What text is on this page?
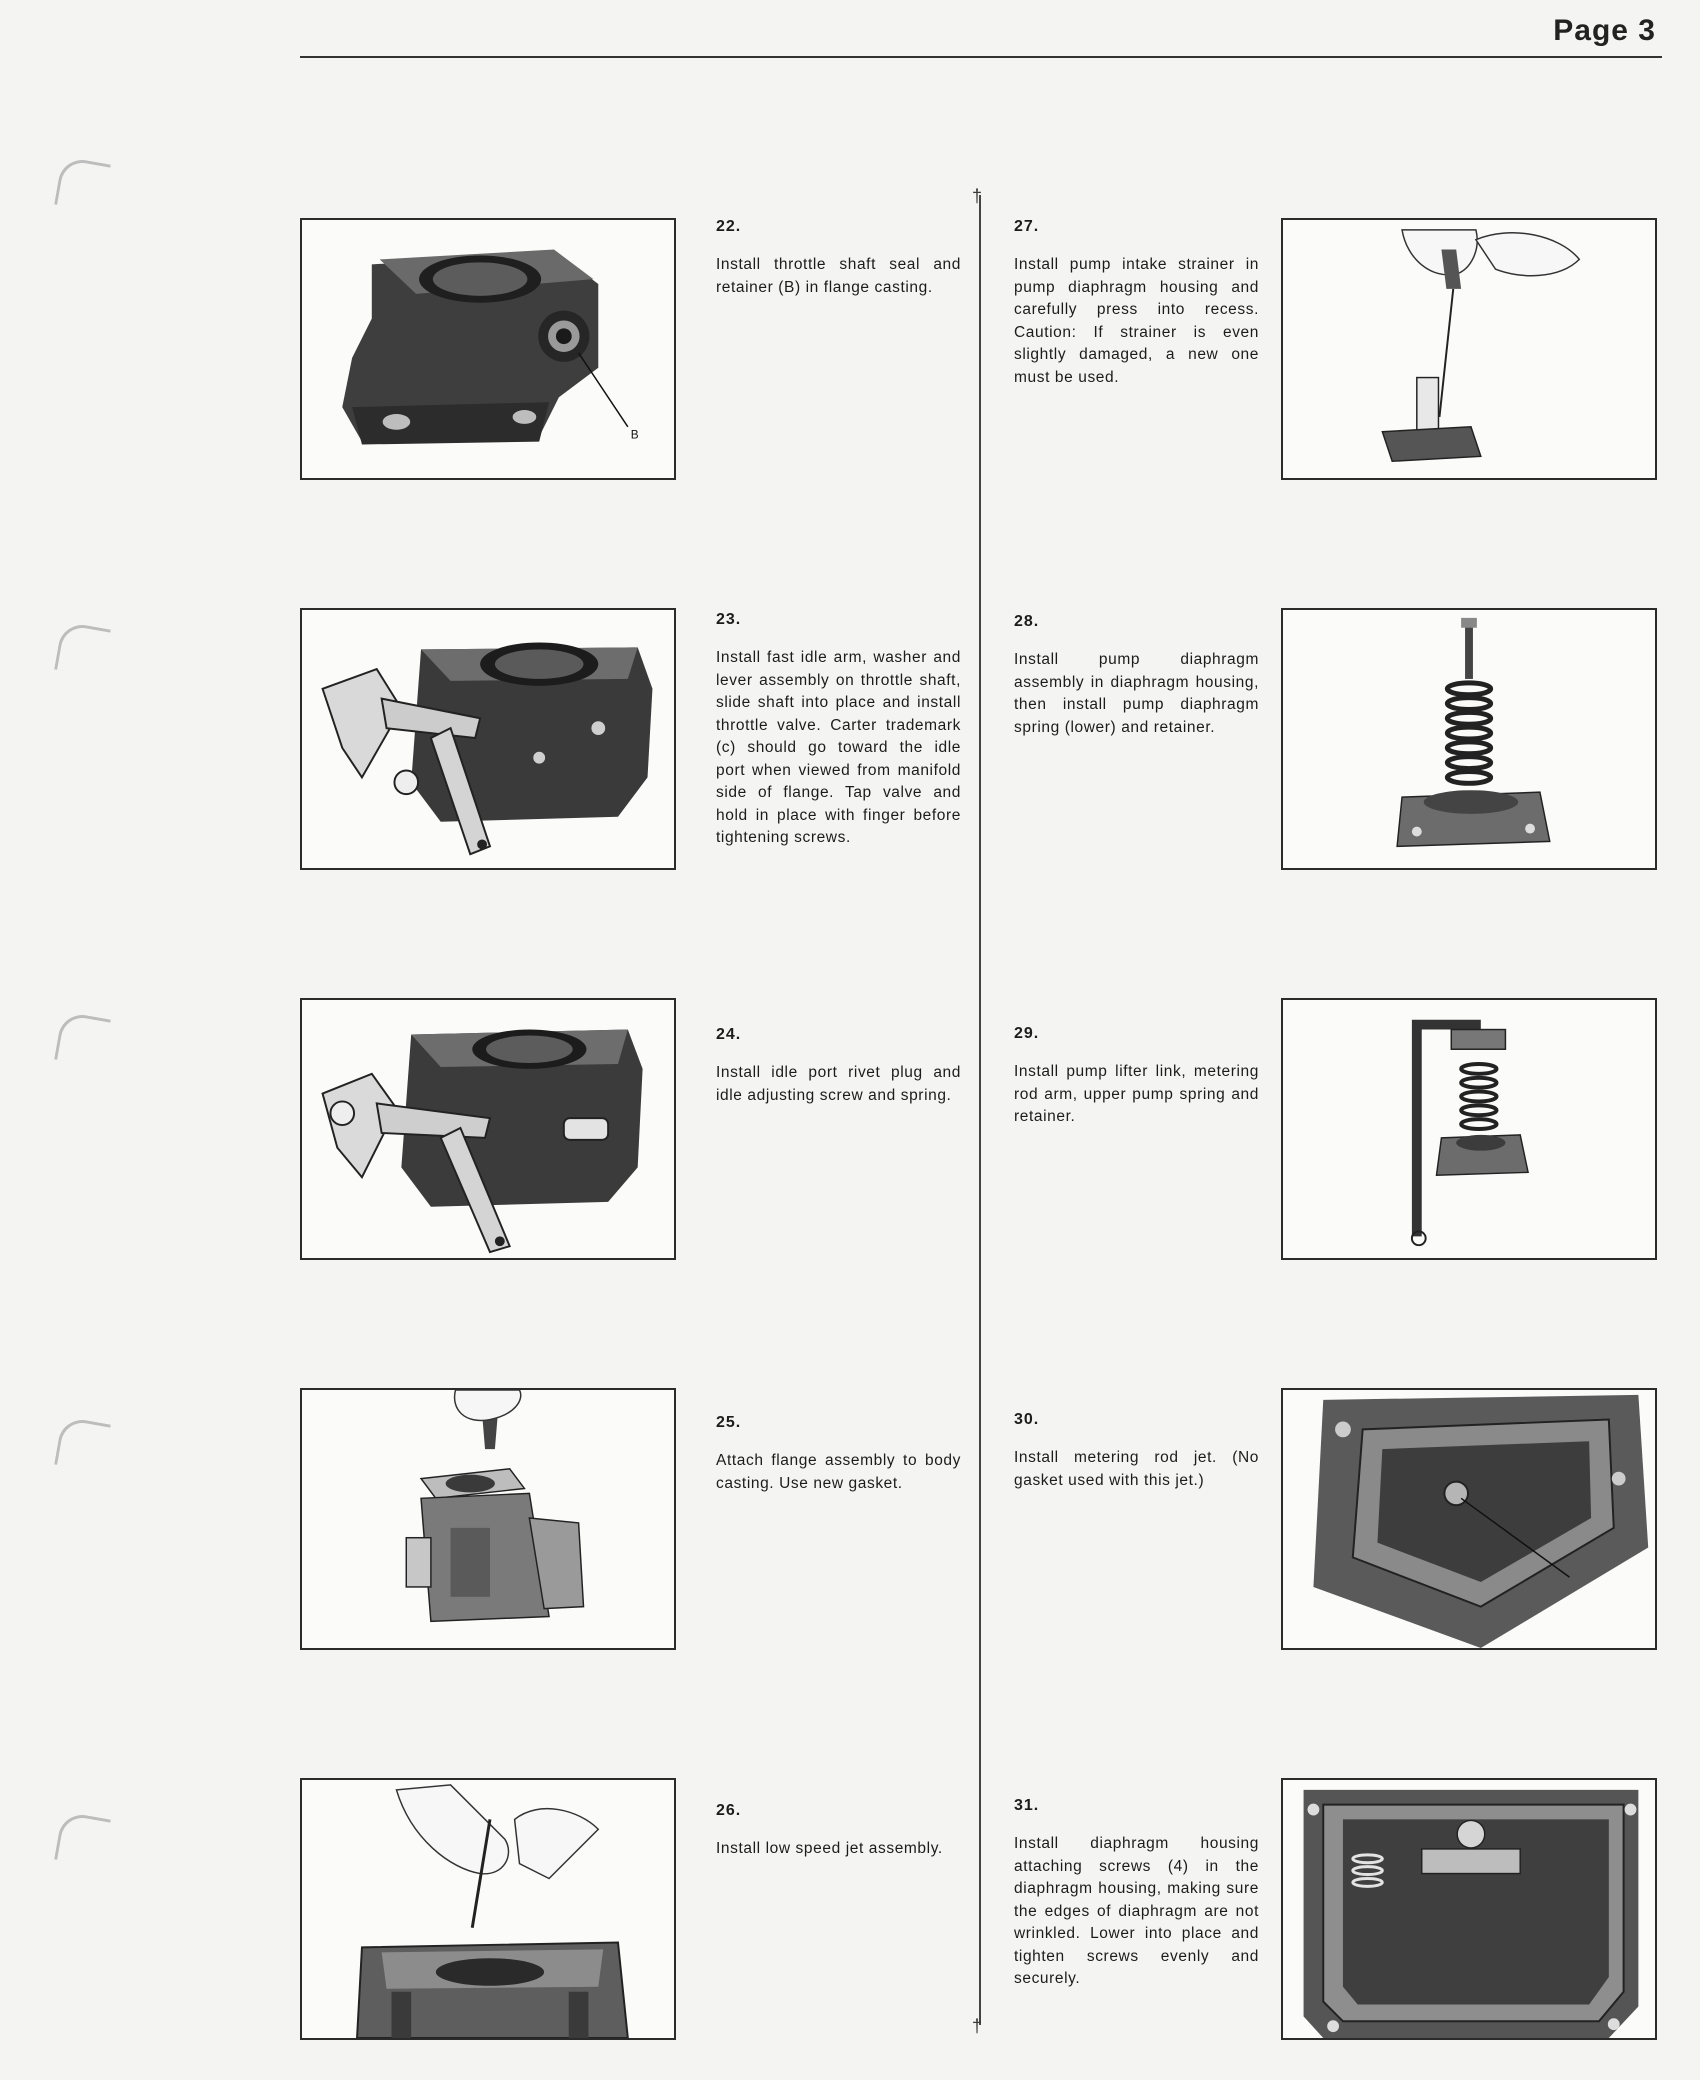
Page 3
†
†
B
22.
Install throttle shaft seal and retainer (B) in flange casting.
23.
Install fast idle arm, washer and lever assembly on throttle shaft, slide shaft into place and install throttle valve. Carter trademark (c) should go toward the idle port when viewed from manifold side of flange. Tap valve and hold in place with finger before tightening screws.
24.
Install idle port rivet plug and idle adjusting screw and spring.
25.
Attach flange assembly to body casting. Use new gasket.
26.
Install low speed jet assembly.
27.
Install pump intake strainer in pump diaphragm housing and carefully press into recess. Caution: If strainer is even slightly damaged, a new one must be used.
28.
Install pump diaphragm assembly in diaphragm housing, then install pump diaphragm spring (lower) and retainer.
29.
Install pump lifter link, metering rod arm, upper pump spring and retainer.
30.
Install metering rod jet. (No gasket used with this jet.)
31.
Install diaphragm housing attaching screws (4) in the diaphragm housing, making sure the edges of diaphragm are not wrinkled. Lower into place and tighten screws evenly and securely.
